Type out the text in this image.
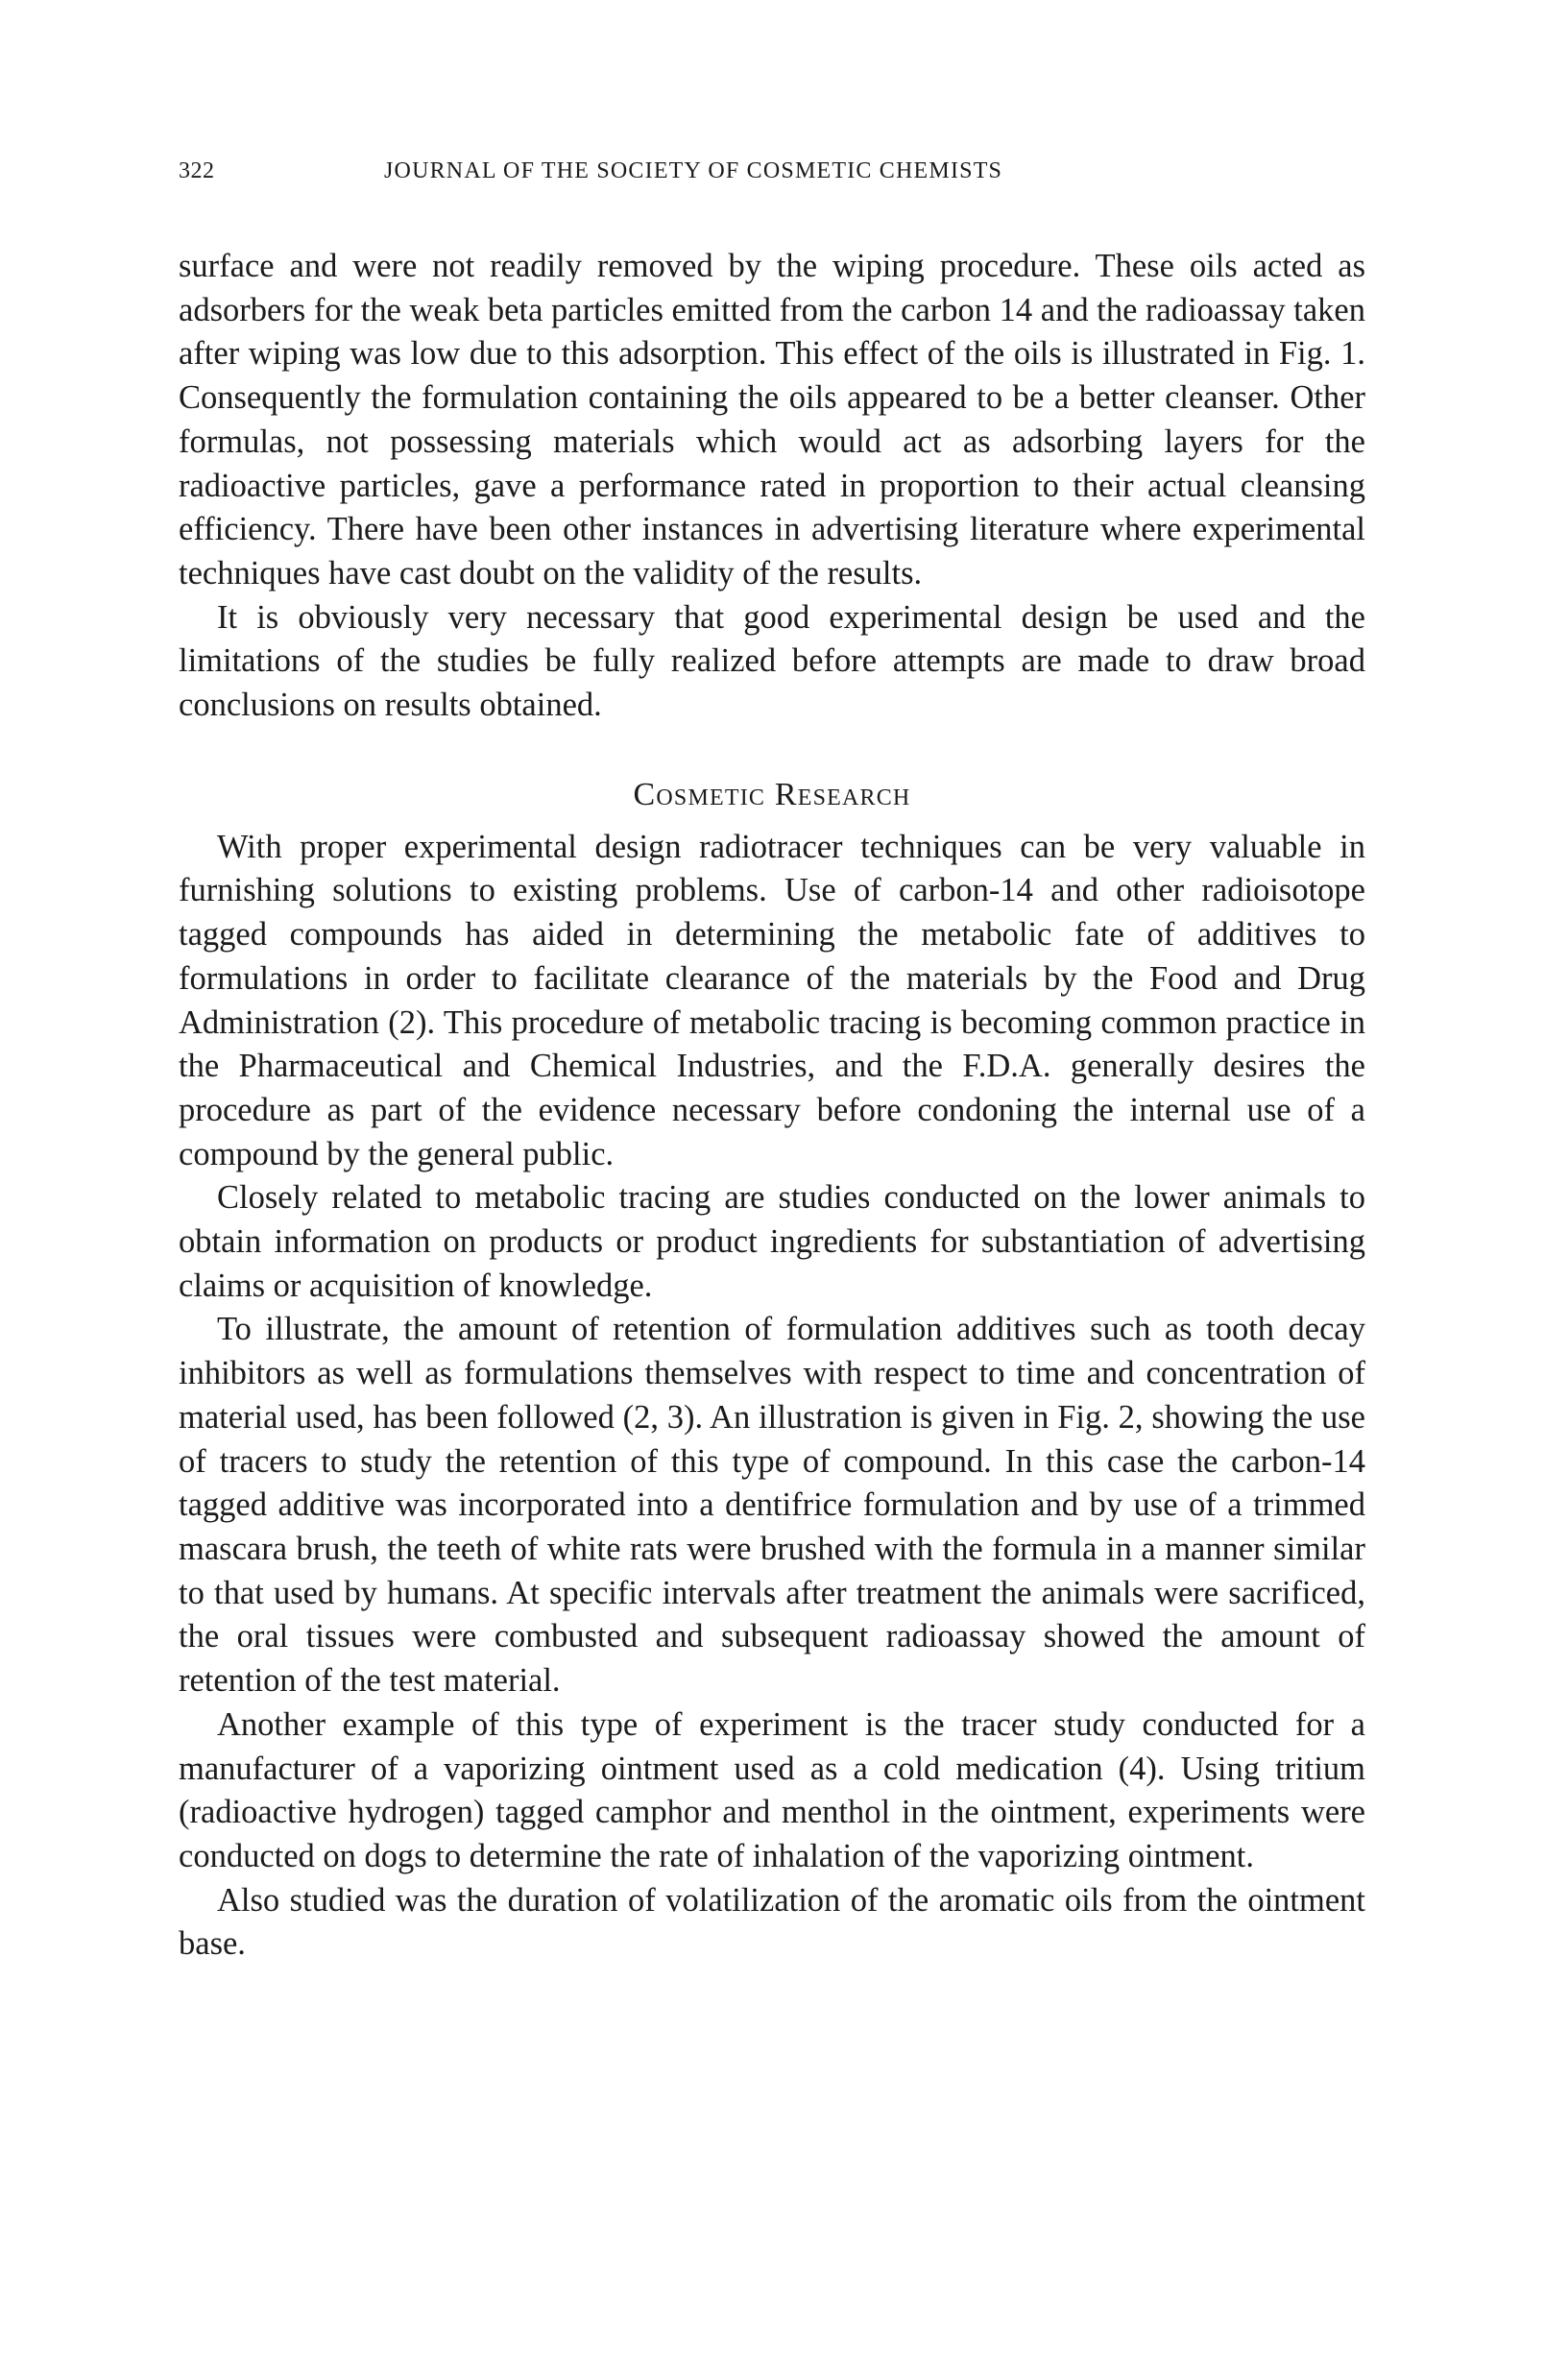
322	JOURNAL OF THE SOCIETY OF COSMETIC CHEMISTS

surface and were not readily removed by the wiping procedure. These oils acted as adsorbers for the weak beta particles emitted from the carbon 14 and the radioassay taken after wiping was low due to this adsorption. This effect of the oils is illustrated in Fig. 1. Consequently the formulation containing the oils appeared to be a better cleanser. Other formulas, not possessing materials which would act as adsorbing layers for the radioactive particles, gave a performance rated in proportion to their actual cleansing efficiency. There have been other instances in advertising literature where experimental techniques have cast doubt on the validity of the results.

It is obviously very necessary that good experimental design be used and the limitations of the studies be fully realized before attempts are made to draw broad conclusions on results obtained.

Cosmetic Research

With proper experimental design radiotracer techniques can be very valuable in furnishing solutions to existing problems. Use of carbon-14 and other radioisotope tagged compounds has aided in determining the metabolic fate of additives to formulations in order to facilitate clearance of the materials by the Food and Drug Administration (2). This procedure of metabolic tracing is becoming common practice in the Pharmaceutical and Chemical Industries, and the F.D.A. generally desires the procedure as part of the evidence necessary before condoning the internal use of a compound by the general public.

Closely related to metabolic tracing are studies conducted on the lower animals to obtain information on products or product ingredients for substantiation of advertising claims or acquisition of knowledge.

To illustrate, the amount of retention of formulation additives such as tooth decay inhibitors as well as formulations themselves with respect to time and concentration of material used, has been followed (2, 3). An illustration is given in Fig. 2, showing the use of tracers to study the retention of this type of compound. In this case the carbon-14 tagged additive was incorporated into a dentifrice formulation and by use of a trimmed mascara brush, the teeth of white rats were brushed with the formula in a manner similar to that used by humans. At specific intervals after treatment the animals were sacrificed, the oral tissues were combusted and subsequent radioassay showed the amount of retention of the test material.

Another example of this type of experiment is the tracer study conducted for a manufacturer of a vaporizing ointment used as a cold medication (4). Using tritium (radioactive hydrogen) tagged camphor and menthol in the ointment, experiments were conducted on dogs to determine the rate of inhalation of the vaporizing ointment.

Also studied was the duration of volatilization of the aromatic oils from the ointment base.
